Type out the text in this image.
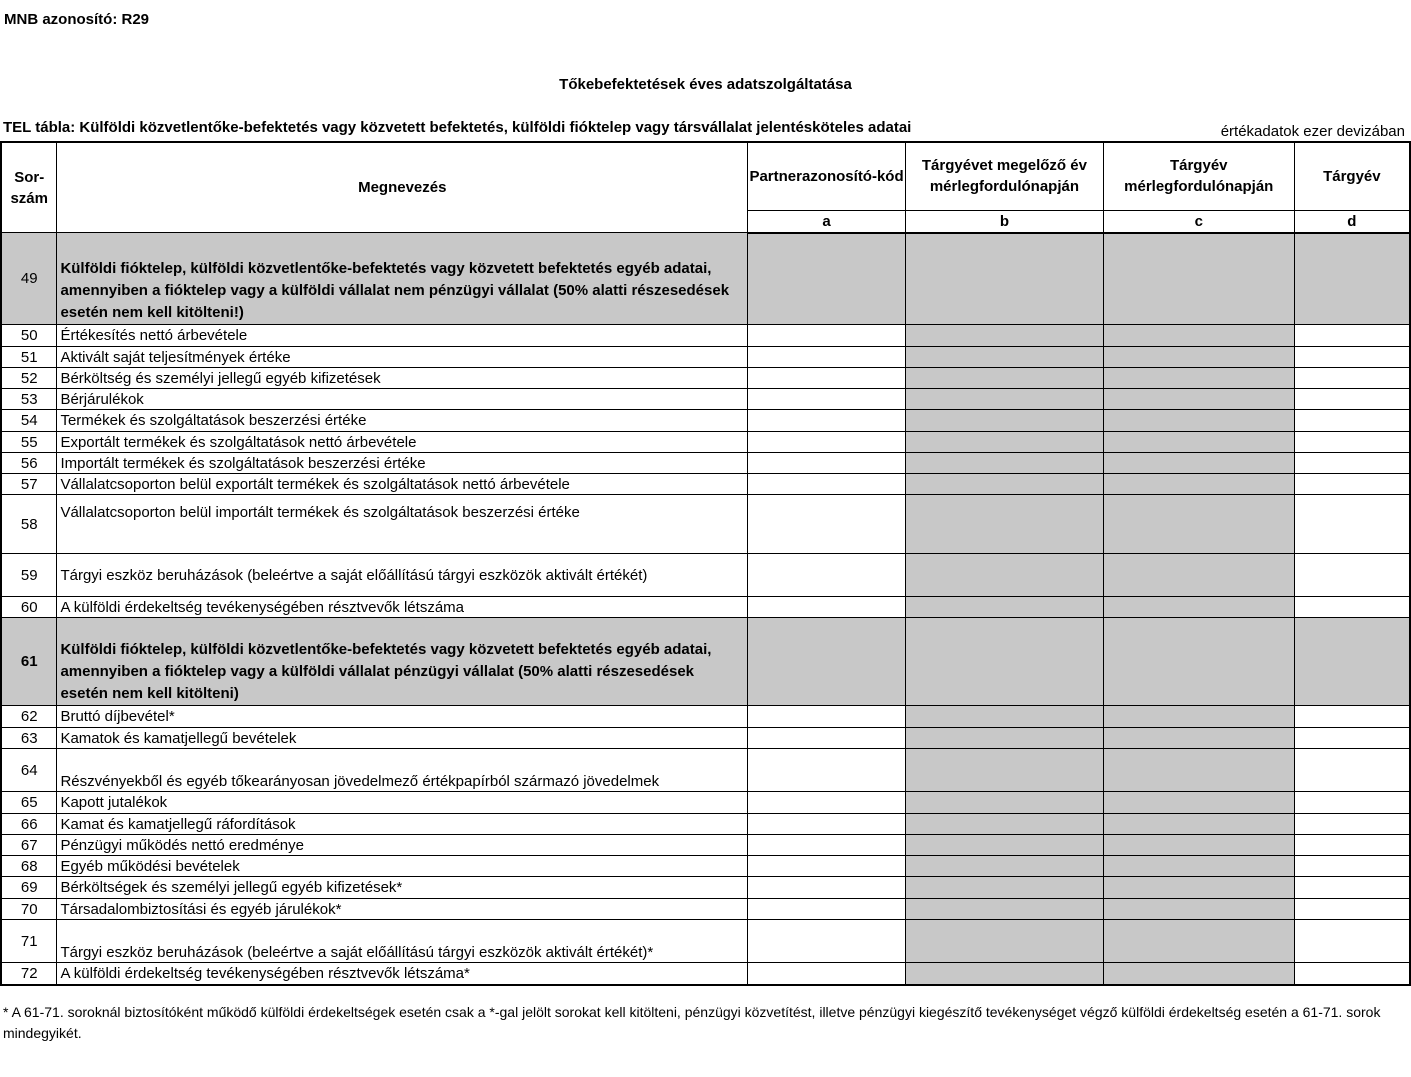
MNB azonosító: R29
Tőkebefektetések éves adatszolgáltatása
TEL tábla: Külföldi közvetlentőke-befektetés vagy közvetett befektetés, külföldi fióktelep vagy társvállalat jelentésköteles adatai	értékadatok ezer devizában
Sor-szám	Megnevezés	Partnerazonosító-kód	Tárgyévet megelőző év mérlegfordulónapján	Tárgyév mérlegfordulónapján	Tárgyév
		a	b	c	d
49	Külföldi fióktelep, külföldi közvetlentőke-befektetés vagy közvetett befektetés egyéb adatai, amennyiben a fióktelep vagy a külföldi vállalat nem pénzügyi vállalat (50% alatti részesedések esetén nem kell kitölteni!)				
50	Értékesítés nettó árbevétele				
51	Aktivált saját teljesítmények értéke				
52	Bérköltség és személyi jellegű egyéb kifizetések				
53	Bérjárulékok				
54	Termékek és szolgáltatások beszerzési értéke				
55	Exportált termékek és szolgáltatások nettó árbevétele				
56	Importált termékek és szolgáltatások beszerzési értéke				
57	Vállalatcsoporton belül exportált termékek és szolgáltatások nettó árbevétele				
58	Vállalatcsoporton belül importált termékek és szolgáltatások beszerzési értéke				
59	Tárgyi eszköz beruházások (beleértve a saját előállítású tárgyi eszközök aktivált értékét)				
60	A külföldi érdekeltség tevékenységében résztvevők létszáma				
61	Külföldi fióktelep, külföldi közvetlentőke-befektetés vagy közvetett befektetés egyéb adatai, amennyiben a fióktelep vagy a külföldi vállalat pénzügyi vállalat (50% alatti részesedések esetén nem kell kitölteni)				
62	Bruttó díjbevétel*				
63	Kamatok és kamatjellegű bevételek				
64	Részvényekből és egyéb tőkearányosan jövedelmező értékpapírból származó jövedelmek				
65	Kapott jutalékok				
66	Kamat és kamatjellegű ráfordítások				
67	Pénzügyi működés nettó eredménye				
68	Egyéb működési bevételek				
69	Bérköltségek és személyi jellegű egyéb kifizetések*				
70	Társadalombiztosítási és egyéb járulékok*				
71	Tárgyi eszköz beruházások (beleértve a saját előállítású tárgyi eszközök aktivált értékét)*				
72	A külföldi érdekeltség tevékenységében résztvevők létszáma*				
* A 61-71. soroknál biztosítóként működő külföldi érdekeltségek esetén csak a *-gal jelölt sorokat kell kitölteni, pénzügyi közvetítést, illetve pénzügyi kiegészítő tevékenységet végző külföldi érdekeltség esetén a 61-71. sorok mindegyikét.
